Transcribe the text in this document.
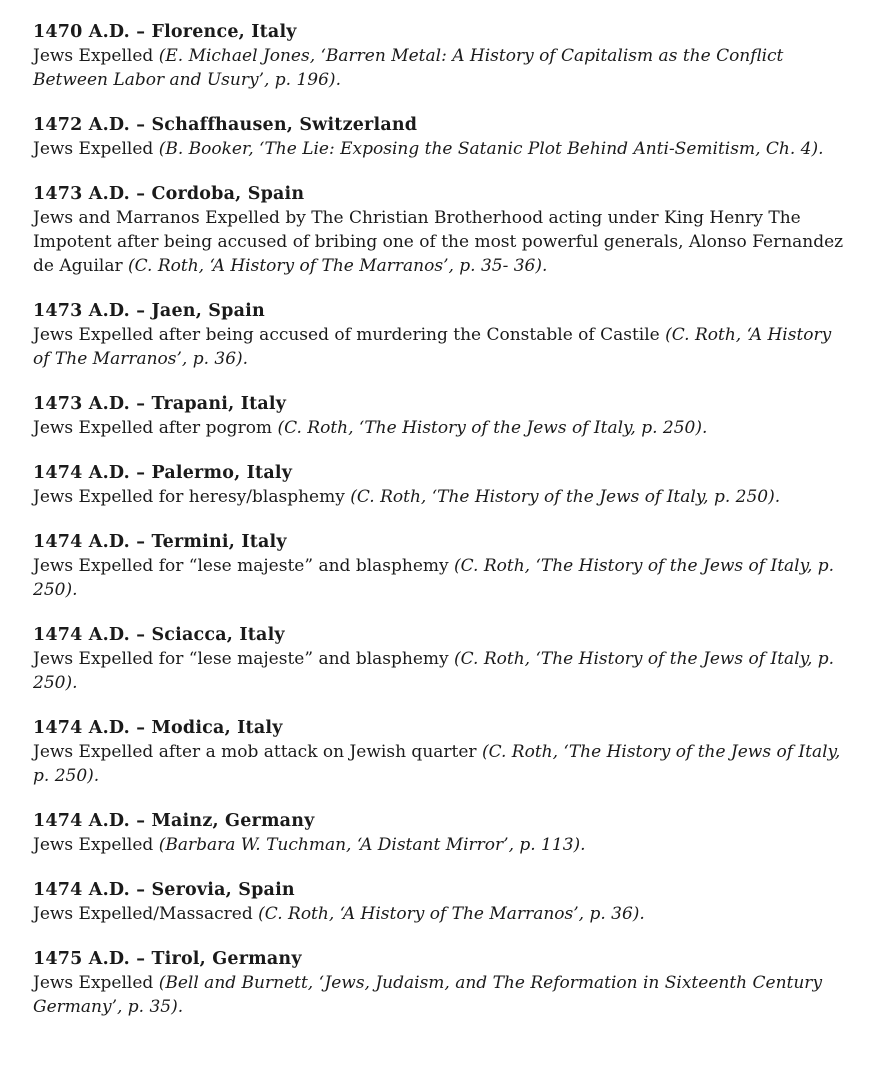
1470 A.D. – Florence, Italy

Jews Expelled (E. Michael Jones, ‘Barren Metal: A History of Capitalism as the Conflict Between Labor and Usury’, p. 196).

1472 A.D. – Schaffhausen, Switzerland

Jews Expelled (B. Booker, ‘The Lie: Exposing the Satanic Plot Behind Anti-Semitism, Ch. 4).

1473 A.D. – Cordoba, Spain

Jews and Marranos Expelled by The Christian Brotherhood acting under King Henry The Impotent after being accused of bribing one of the most powerful generals, Alonso Fernandez de Aguilar (C. Roth, ‘A History of The Marranos’, p. 35- 36).

1473 A.D. – Jaen, Spain

Jews Expelled after being accused of murdering the Constable of Castile (C. Roth, ‘A History of The Marranos’, p. 36).

1473 A.D. – Trapani, Italy

Jews Expelled after pogrom (C. Roth, ‘The History of the Jews of Italy, p. 250).

1474 A.D. – Palermo, Italy

Jews Expelled for heresy/blasphemy (C. Roth, ‘The History of the Jews of Italy, p. 250).

1474 A.D. – Termini, Italy

Jews Expelled for “lese majeste” and blasphemy (C. Roth, ‘The History of the Jews of Italy, p. 250).

1474 A.D. – Sciacca, Italy

Jews Expelled for “lese majeste” and blasphemy (C. Roth, ‘The History of the Jews of Italy, p. 250).

1474 A.D. – Modica, Italy

Jews Expelled after a mob attack on Jewish quarter (C. Roth, ‘The History of the Jews of Italy, p. 250).

1474 A.D. – Mainz, Germany

Jews Expelled (Barbara W. Tuchman, ‘A Distant Mirror’, p. 113).

1474 A.D. – Serovia, Spain

Jews Expelled/Massacred (C. Roth, ‘A History of The Marranos’, p. 36).

1475 A.D. – Tirol, Germany

Jews Expelled (Bell and Burnett, ‘Jews, Judaism, and The Reformation in Sixteenth Century Germany’, p. 35).
